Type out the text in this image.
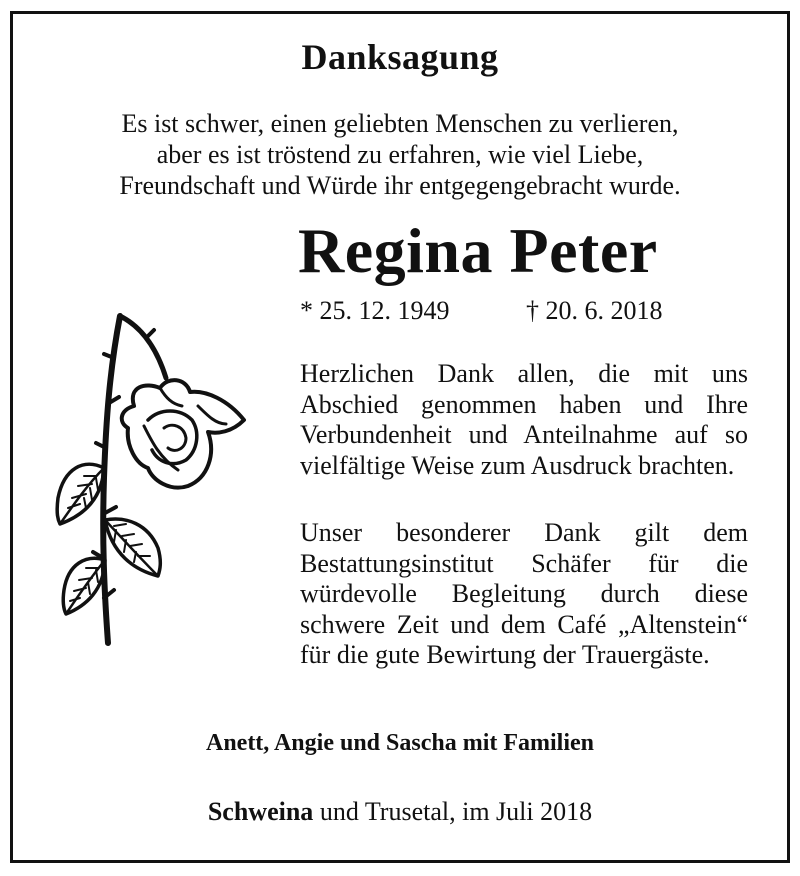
Danksagung
Es ist schwer, einen geliebten Menschen zu verlieren,
aber es ist tröstend zu erfahren, wie viel Liebe,
Freundschaft und Würde ihr entgegengebracht wurde.
Regina Peter
* 25. 12. 1949	† 20. 6. 2018
Herzlichen Dank allen, die mit uns Abschied genommen haben und Ihre Verbundenheit und Anteilnahme auf so vielfältige Weise zum Ausdruck brachten.
Unser besonderer Dank gilt dem Bestattungsinstitut Schäfer für die würdevolle Begleitung durch diese schwere Zeit und dem Café „Altenstein“ für die gute Bewirtung der Trauergäste.
Anett, Angie und Sascha mit Familien
Schweina und Trusetal, im Juli 2018
